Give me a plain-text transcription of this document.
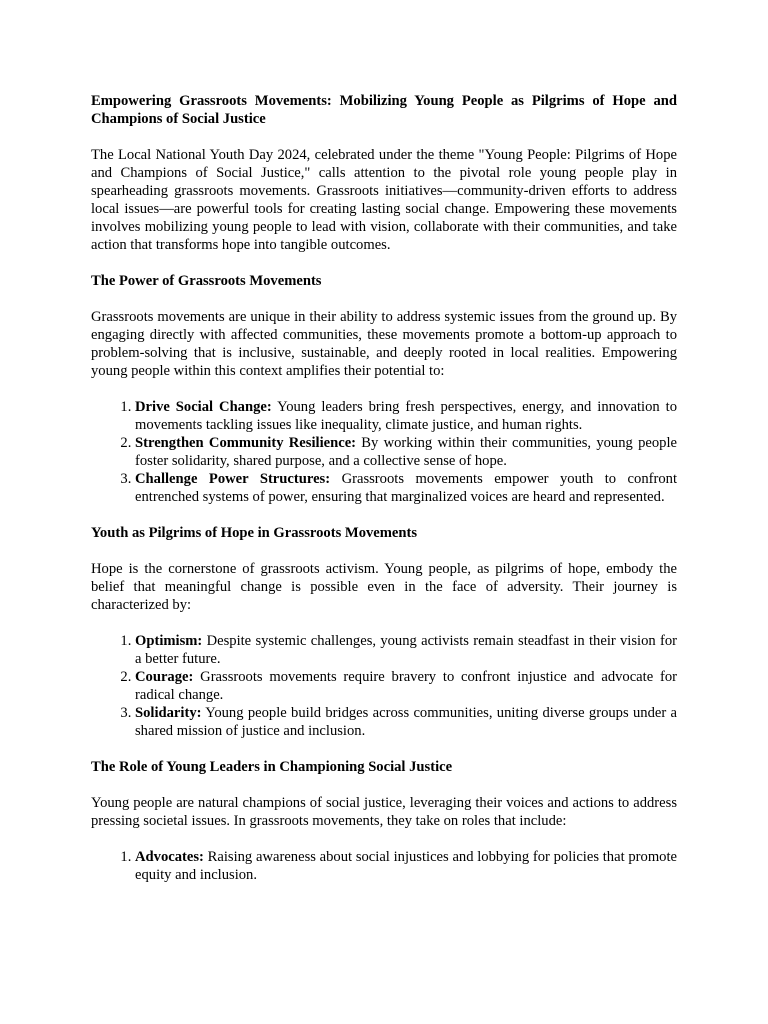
Empowering Grassroots Movements: Mobilizing Young People as Pilgrims of Hope and Champions of Social Justice

The Local National Youth Day 2024, celebrated under the theme "Young People: Pilgrims of Hope and Champions of Social Justice," calls attention to the pivotal role young people play in spearheading grassroots movements. Grassroots initiatives—community-driven efforts to address local issues—are powerful tools for creating lasting social change. Empowering these movements involves mobilizing young people to lead with vision, collaborate with their communities, and take action that transforms hope into tangible outcomes.

The Power of Grassroots Movements

Grassroots movements are unique in their ability to address systemic issues from the ground up. By engaging directly with affected communities, these movements promote a bottom-up approach to problem-solving that is inclusive, sustainable, and deeply rooted in local realities. Empowering young people within this context amplifies their potential to:

1. Drive Social Change: Young leaders bring fresh perspectives, energy, and innovation to movements tackling issues like inequality, climate justice, and human rights.
2. Strengthen Community Resilience: By working within their communities, young people foster solidarity, shared purpose, and a collective sense of hope.
3. Challenge Power Structures: Grassroots movements empower youth to confront entrenched systems of power, ensuring that marginalized voices are heard and represented.
Youth as Pilgrims of Hope in Grassroots Movements

Hope is the cornerstone of grassroots activism. Young people, as pilgrims of hope, embody the belief that meaningful change is possible even in the face of adversity. Their journey is characterized by:

1. Optimism: Despite systemic challenges, young activists remain steadfast in their vision for a better future.
2. Courage: Grassroots movements require bravery to confront injustice and advocate for radical change.
3. Solidarity: Young people build bridges across communities, uniting diverse groups under a shared mission of justice and inclusion.
The Role of Young Leaders in Championing Social Justice

Young people are natural champions of social justice, leveraging their voices and actions to address pressing societal issues. In grassroots movements, they take on roles that include:

1. Advocates: Raising awareness about social injustices and lobbying for policies that promote equity and inclusion.
